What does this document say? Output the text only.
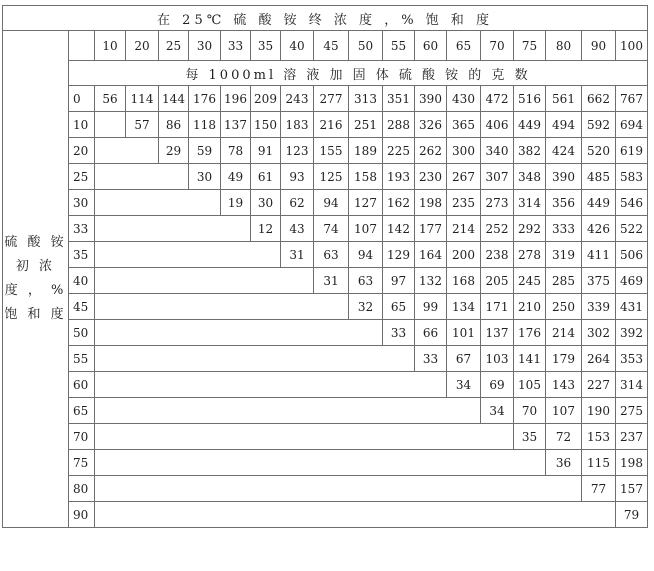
在 25℃ 硫 酸 铵 终 浓 度 ，% 饱 和 度																		

硫 酸 铵
初 浓
度 ， %
饱 和 度		10	20	25	30	33	35	40	45	50	55	60	65	70	75	80	90	100
	每 1000ml 溶 液 加 固 体 硫 酸 铵 的 克 数																	
	0	56	114	144	176	196	209	243	277	313	351	390	430	472	516	561	662	767
	10		57	86	118	137	150	183	216	251	288	326	365	406	449	494	592	694
	20			29	59	78	91	123	155	189	225	262	300	340	382	424	520	619
	25				30	49	61	93	125	158	193	230	267	307	348	390	485	583
	30					19	30	62	94	127	162	198	235	273	314	356	449	546
	33						12	43	74	107	142	177	214	252	292	333	426	522
	35							31	63	94	129	164	200	238	278	319	411	506
	40								31	63	97	132	168	205	245	285	375	469
	45									32	65	99	134	171	210	250	339	431
	50										33	66	101	137	176	214	302	392
	55											33	67	103	141	179	264	353
	60												34	69	105	143	227	314
	65													34	70	107	190	275
	70														35	72	153	237
	75															36	115	198
	80																77	157
	90																	79
